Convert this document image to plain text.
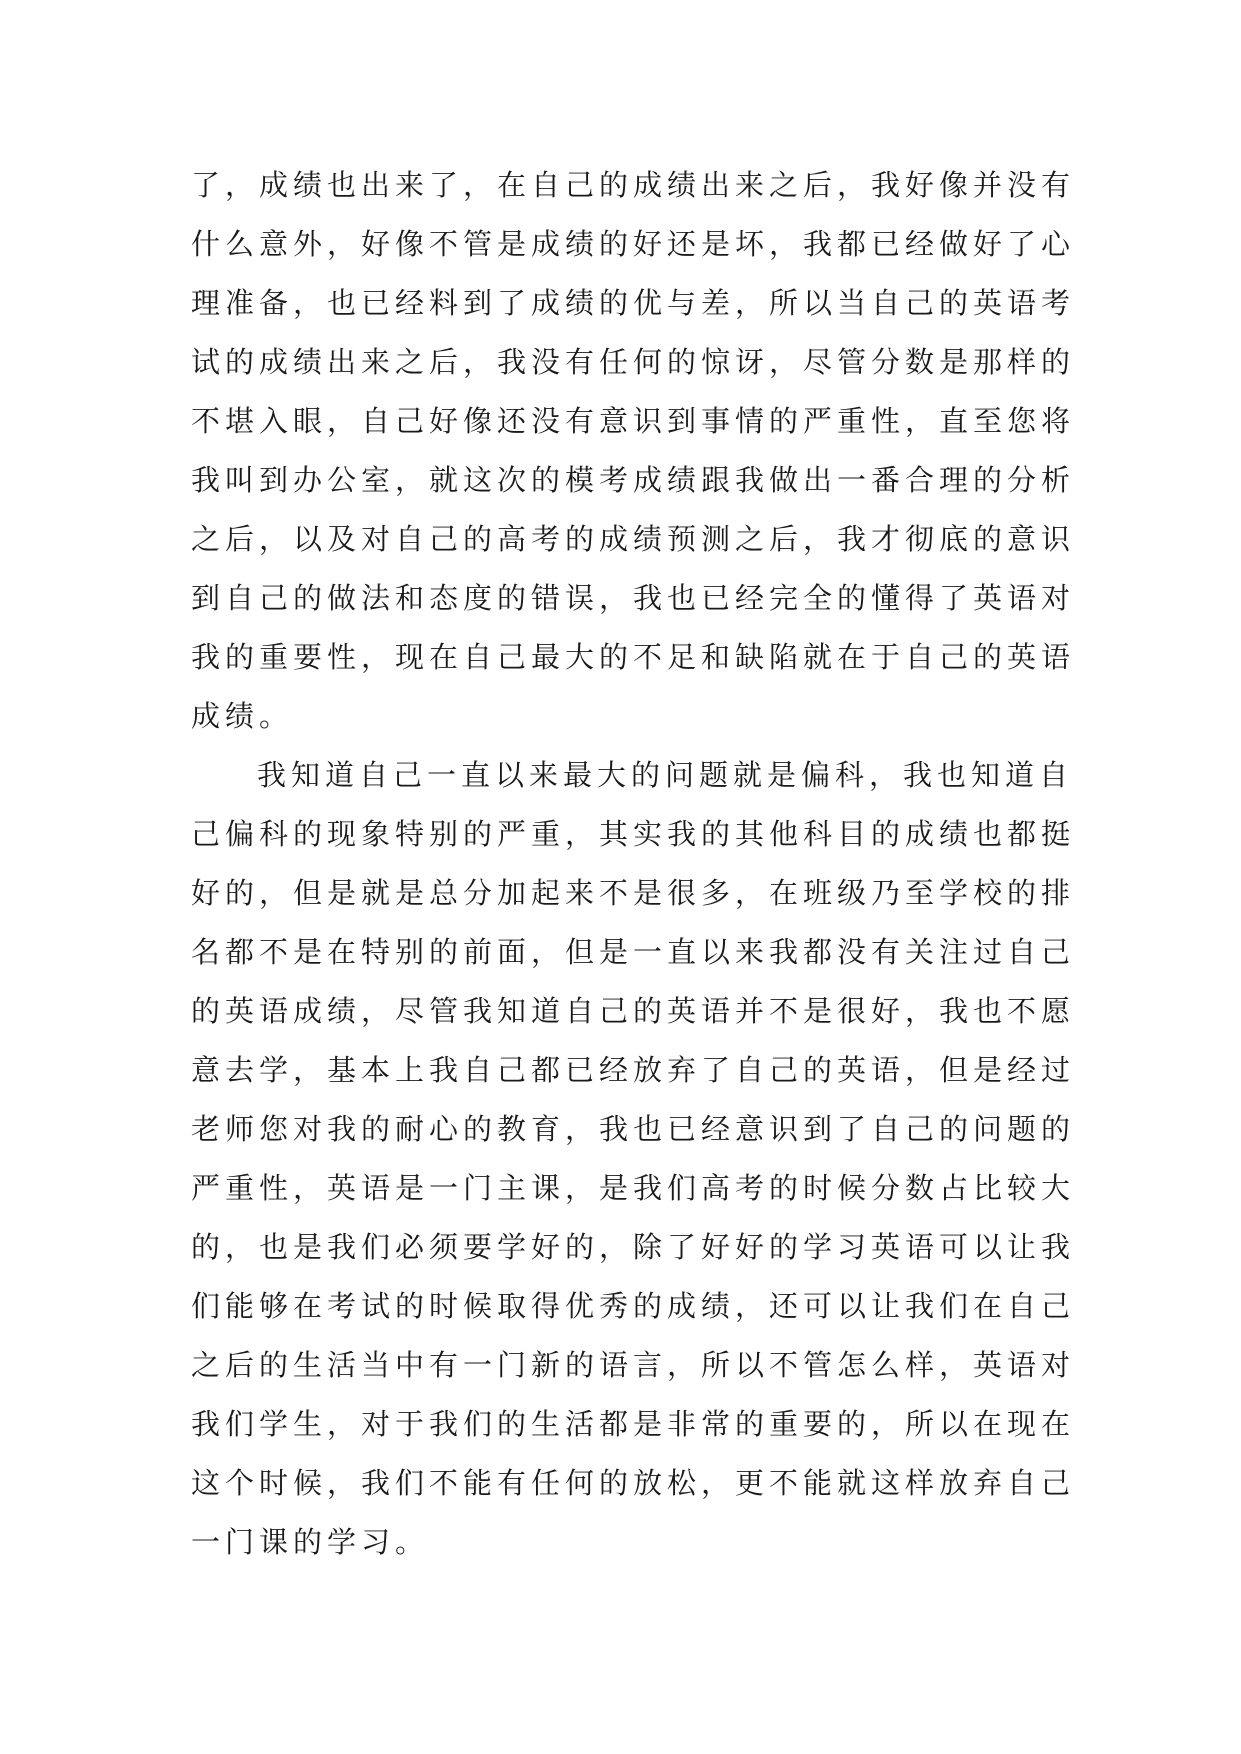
了，成绩也出来了，在自己的成绩出来之后，我好像并没有
什么意外，好像不管是成绩的好还是坏，我都已经做好了心
理准备，也已经料到了成绩的优与差，所以当自己的英语考
试的成绩出来之后，我没有任何的惊讶，尽管分数是那样的
不堪入眼，自己好像还没有意识到事情的严重性，直至您将
我叫到办公室，就这次的模考成绩跟我做出一番合理的分析
之后，以及对自己的高考的成绩预测之后，我才彻底的意识
到自己的做法和态度的错误，我也已经完全的懂得了英语对
我的重要性，现在自己最大的不足和缺陷就在于自己的英语
成绩。
我知道自己一直以来最大的问题就是偏科，我也知道自
己偏科的现象特别的严重，其实我的其他科目的成绩也都挺
好的，但是就是总分加起来不是很多，在班级乃至学校的排
名都不是在特别的前面，但是一直以来我都没有关注过自己
的英语成绩，尽管我知道自己的英语并不是很好，我也不愿
意去学，基本上我自己都已经放弃了自己的英语，但是经过
老师您对我的耐心的教育，我也已经意识到了自己的问题的
严重性，英语是一门主课，是我们高考的时候分数占比较大
的，也是我们必须要学好的，除了好好的学习英语可以让我
们能够在考试的时候取得优秀的成绩，还可以让我们在自己
之后的生活当中有一门新的语言，所以不管怎么样，英语对
我们学生，对于我们的生活都是非常的重要的，所以在现在
这个时候，我们不能有任何的放松，更不能就这样放弃自己
一门课的学习。
